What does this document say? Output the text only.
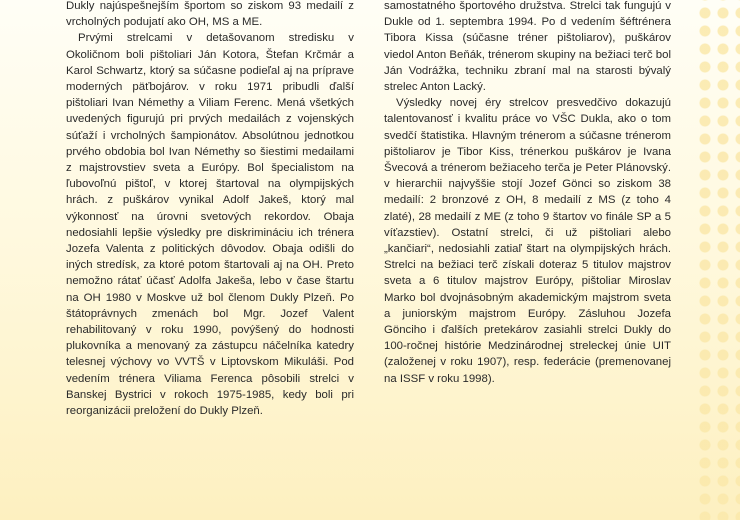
Dukly najúspešnejším športom so ziskom 93 medailí z vrcholných podujatí ako OH, MS a ME.

Prvými strelcami v detašovanom stredisku v Okoličnom boli pištoliari Ján Kotora, Štefan Krčmár a Karol Schwartz, ktorý sa súčasne podieľal aj na príprave moderných päťbojárov. v roku 1971 pribudli ďalší pištoliari Ivan Némethy a Viliam Ferenc. Mená všetkých uvedených figurujú pri prvých medailách z vojenských súťaží i vrcholných šampionátov. Absolútnou jednotkou prvého obdobia bol Ivan Némethy so šiestimi medailami z majstrovstiev sveta a Európy. Bol špecialistom na ľubovoľnú pištoľ, v ktorej štartoval na olympijských hrách. z puškárov vynikal Adolf Jakeš, ktorý mal výkonnosť na úrovni svetových rekordov. Obaja nedosiahli lepšie výsledky pre diskrimináciu ich trénera Jozefa Valenta z politických dôvodov. Obaja odišli do iných stredísk, za ktoré potom štartovali aj na OH. Preto nemožno rátať účasť Adolfa Jakeša, lebo v čase štartu na OH 1980 v Moskve už bol členom Dukly Plzeň. Po štátoprávnych zmenách bol Mgr. Jozef Valent rehabilitovaný v roku 1990, povýšený do hodnosti plukovníka a menovaný za zástupcu náčelníka katedry telesnej výchovy vo VVTŠ v Liptovskom Mikuláši. Pod vedením trénera Viliama Ferenca pôsobili strelci v Banskej Bystrici v rokoch 1975-1985, kedy boli pri reorganizácii preložení do Dukly Plzeň.

samostatného športového družstva. Strelci tak fungujú v Dukle od 1. septembra 1994. Po d vedením šéftrénera Tibora Kissa (súčasne tréner pištoliarov), puškárov viedol Anton Beňák, trénerom skupiny na bežiaci terč bol Ján Vodrážka, techniku zbraní mal na starosti bývalý strelec Anton Lacký.

Výsledky novej éry strelcov presvedčivo dokazujú talentovanosť i kvalitu práce vo VŠC Dukla, ako o tom svedčí štatistika. Hlavným trénerom a súčasne trénerom pištoliarov je Tibor Kiss, trénerkou puškárov je Ivana Švecová a trénerom bežiaceho terča je Peter Plánovský. v hierarchii najvyššie stojí Jozef Gönci so ziskom 38 medailí: 2 bronzové z OH, 8 medailí z MS (z toho 4 zlaté), 28 medailí z ME (z toho 9 štartov vo finále SP a 5 víťazstiev). Ostatní strelci, či už pištoliari alebo „kančiari“, nedosiahli zatiaľ štart na olympijských hrách. Strelci na bežiaci terč získali doteraz 5 titulov majstrov sveta a 6 titulov majstrov Európy, pištoliar Miroslav Marko bol dvojnásobným akademickým majstrom sveta a juniorským majstrom Európy. Zásluhou Jozefa Gönciho i ďalších pretekárov zasiahli strelci Dukly do 100-ročnej histórie Medzinárodnej streleckej únie UIT (založenej v roku 1907), resp. federácie (premenovanej na ISSF v roku 1998).
